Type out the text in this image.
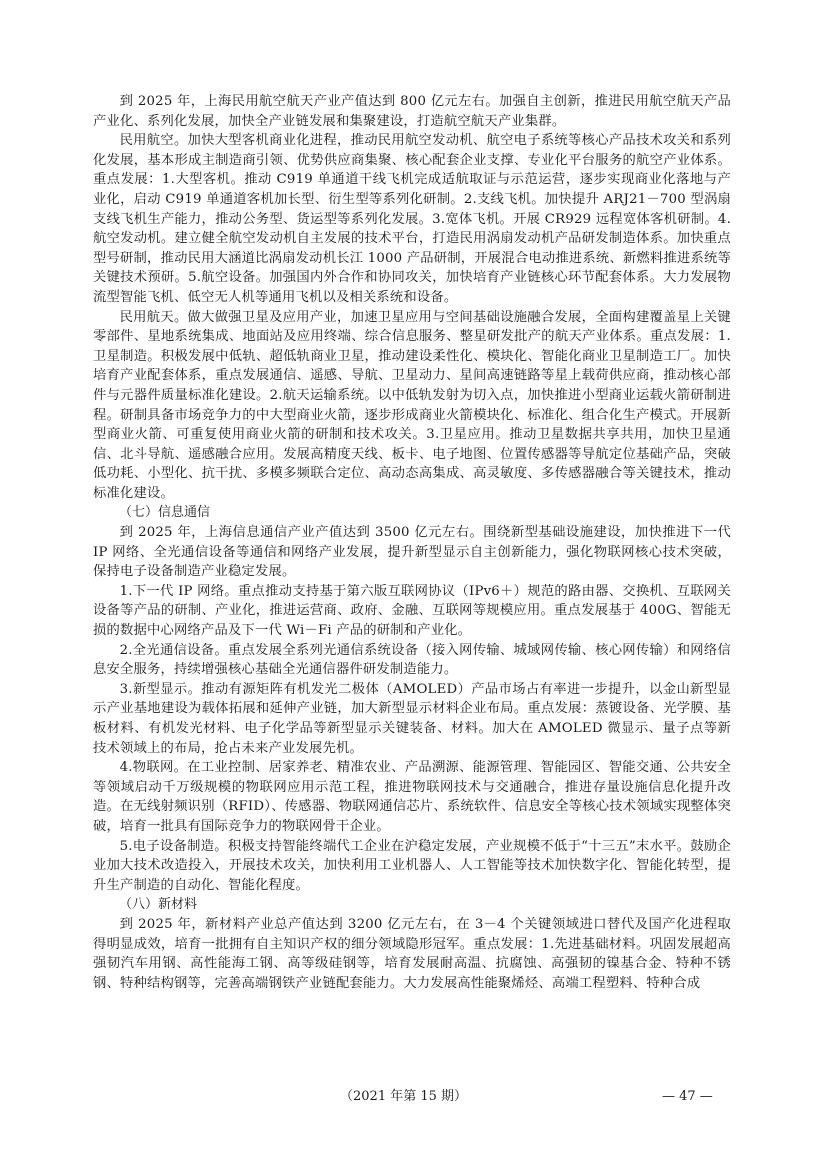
到 2025 年，上海民用航空航天产业产值达到 800 亿元左右。加强自主创新，推进民用航空航天产品产业化、系列化发展，加快全产业链发展和集聚建设，打造航空航天产业集群。

民用航空。加快大型客机商业化进程，推动民用航空发动机、航空电子系统等核心产品技术攻关和系列化发展，基本形成主制造商引领、优势供应商集聚、核心配套企业支撑、专业化平台服务的航空产业体系。重点发展：1.大型客机。推动 C919 单通道干线飞机完成适航取证与示范运营，逐步实现商业化落地与产业化，启动 C919 单通道客机加长型、衍生型等系列化研制。2.支线飞机。加快提升 ARJ21－700 型涡扇支线飞机生产能力，推动公务型、货运型等系列化发展。3.宽体飞机。开展 CR929 远程宽体客机研制。4.航空发动机。建立健全航空发动机自主发展的技术平台，打造民用涡扇发动机产品研发制造体系。加快重点型号研制，推动民用大涵道比涡扇发动机长江 1000 产品研制，开展混合电动推进系统、新燃料推进系统等关键技术预研。5.航空设备。加强国内外合作和协同攻关，加快培育产业链核心环节配套体系。大力发展物流型智能飞机、低空无人机等通用飞机以及相关系统和设备。

民用航天。做大做强卫星及应用产业，加速卫星应用与空间基础设施融合发展，全面构建覆盖星上关键零部件、星地系统集成、地面站及应用终端、综合信息服务、整星研发批产的航天产业体系。重点发展：1.卫星制造。积极发展中低轨、超低轨商业卫星，推动建设柔性化、模块化、智能化商业卫星制造工厂。加快培育产业配套体系，重点发展通信、遥感、导航、卫星动力、星间高速链路等星上载荷供应商，推动核心部件与元器件质量标准化建设。2.航天运输系统。以中低轨发射为切入点，加快推进小型商业运载火箭研制进程。研制具备市场竞争力的中大型商业火箭，逐步形成商业火箭模块化、标准化、组合化生产模式。开展新型商业火箭、可重复使用商业火箭的研制和技术攻关。3.卫星应用。推动卫星数据共享共用，加快卫星通信、北斗导航、遥感融合应用。发展高精度天线、板卡、电子地图、位置传感器等导航定位基础产品，突破低功耗、小型化、抗干扰、多模多频联合定位、高动态高集成、高灵敏度、多传感器融合等关键技术，推动标准化建设。

（七）信息通信

到 2025 年，上海信息通信产业产值达到 3500 亿元左右。围绕新型基础设施建设，加快推进下一代 IP 网络、全光通信设备等通信和网络产业发展，提升新型显示自主创新能力，强化物联网核心技术突破，保持电子设备制造产业稳定发展。

1.下一代 IP 网络。重点推动支持基于第六版互联网协议（IPv6＋）规范的路由器、交换机、互联网关设备等产品的研制、产业化，推进运营商、政府、金融、互联网等规模应用。重点发展基于 400G、智能无损的数据中心网络产品及下一代 Wi－Fi 产品的研制和产业化。

2.全光通信设备。重点发展全系列光通信系统设备（接入网传输、城域网传输、核心网传输）和网络信息安全服务，持续增强核心基础全光通信器件研发制造能力。

3.新型显示。推动有源矩阵有机发光二极体（AMOLED）产品市场占有率进一步提升，以金山新型显示产业基地建设为载体拓展和延伸产业链，加大新型显示材料企业布局。重点发展：蒸镀设备、光学膜、基板材料、有机发光材料、电子化学品等新型显示关键装备、材料。加大在 AMOLED 微显示、量子点等新技术领域上的布局，抢占未来产业发展先机。

4.物联网。在工业控制、居家养老、精准农业、产品溯源、能源管理、智能园区、智能交通、公共安全等领域启动千万级规模的物联网应用示范工程，推进物联网技术与交通融合，推进存量设施信息化提升改造。在无线射频识别（RFID）、传感器、物联网通信芯片、系统软件、信息安全等核心技术领域实现整体突破，培育一批具有国际竞争力的物联网骨干企业。

5.电子设备制造。积极支持智能终端代工企业在沪稳定发展，产业规模不低于“十三五”末水平。鼓励企业加大技术改造投入，开展技术攻关，加快利用工业机器人、人工智能等技术加快数字化、智能化转型，提升生产制造的自动化、智能化程度。

（八）新材料

到 2025 年，新材料产业总产值达到 3200 亿元左右，在 3－4 个关键领域进口替代及国产化进程取得明显成效，培育一批拥有自主知识产权的细分领域隐形冠军。重点发展：1.先进基础材料。巩固发展超高强韧汽车用钢、高性能海工钢、高等级硅钢等，培育发展耐高温、抗腐蚀、高强韧的镍基合金、特种不锈钢、特种结构钢等，完善高端钢铁产业链配套能力。大力发展高性能聚烯烃、高端工程塑料、特种合成

（2021 年第 15 期）	— 47 —
